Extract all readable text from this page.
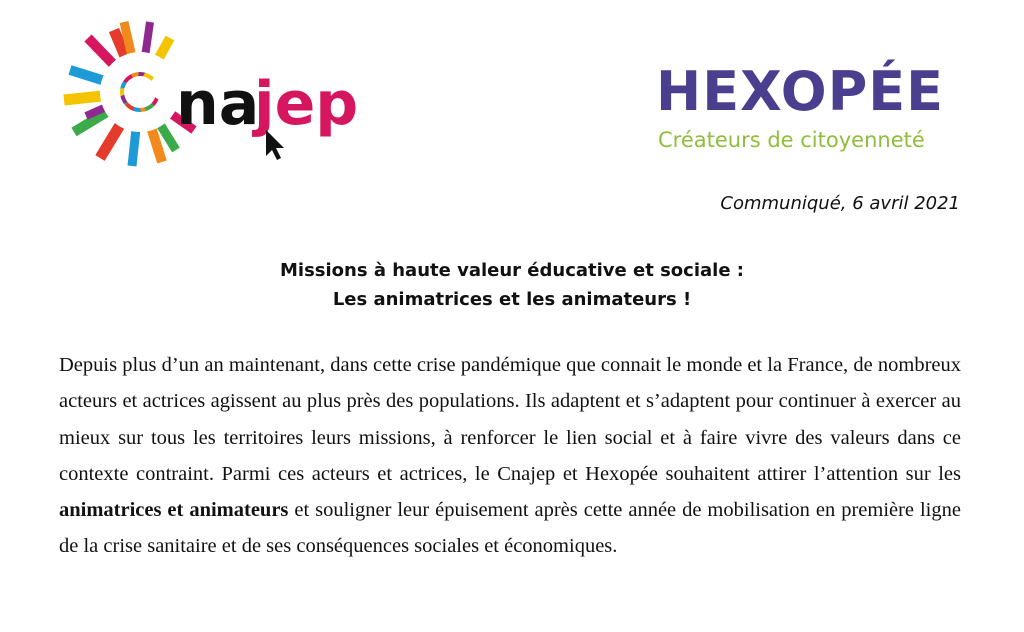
na
jep	HEXOPÉE
Créateurs de citoyenneté
Communiqué, 6 avril 2021
Missions à haute valeur éducative et sociale :
Les animatrices et les animateurs !

Depuis plus d’un an maintenant, dans cette crise pandémique que connait le monde et la France, de nombreux acteurs et actrices agissent au plus près des populations. Ils adaptent et s’adaptent pour continuer à exercer au mieux sur tous les territoires leurs missions, à renforcer le lien social et à faire vivre des valeurs dans ce contexte contraint. Parmi ces acteurs et actrices, le Cnajep et Hexopée souhaitent attirer l’attention sur les animatrices et animateurs et souligner leur épuisement après cette année de mobilisation en première ligne de la crise sanitaire et de ses conséquences sociales et économiques.
